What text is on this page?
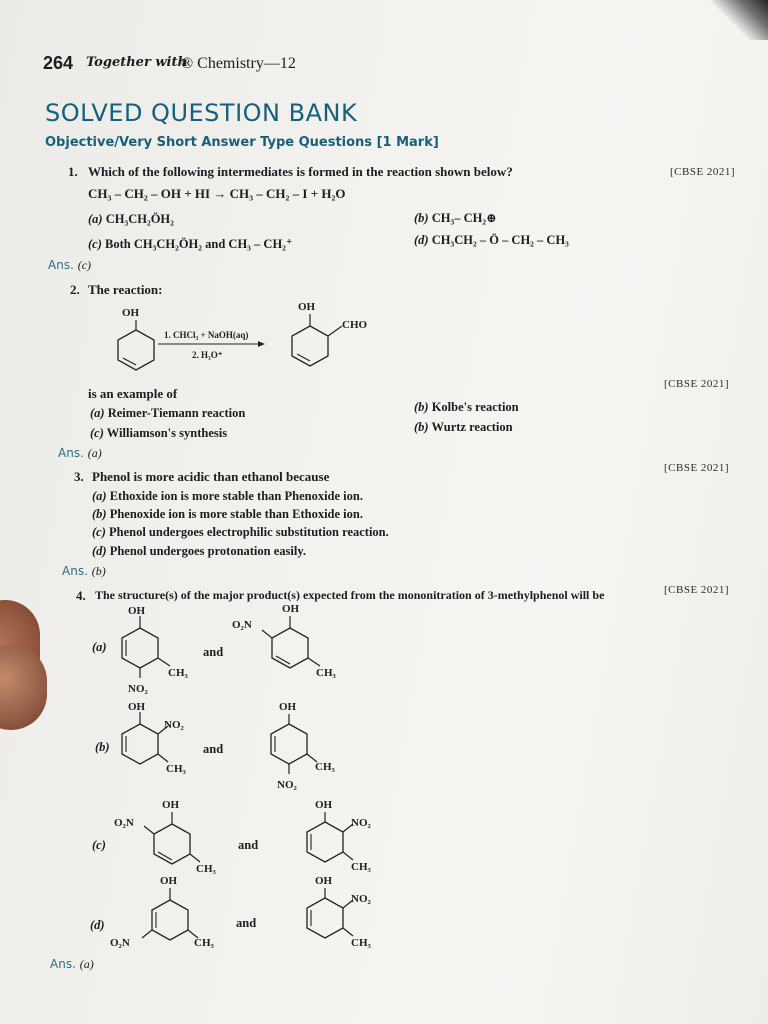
264 Together with
® Chemistry—12
SOLVED QUESTION BANK
Objective/Very Short Answer Type Questions [1 Mark]
1. Which of the following intermediates is formed in the reaction shown below?	[CBSE 2021]
CH₃ – CH₂ – OH + HI → CH₃ – CH₂ – I + H₂O
(a) CH₃CH₂ÖH₂	(b) CH₃– CH₂⊕
(c) Both CH₃CH₂ÖH₂ and CH₃ – CH₂⁺	(d) CH₃CH₂ – Ö – CH₂ – CH₃
Ans. (c)
2. The reaction:
OH
1. CHCl₃ + NaOH(aq)
2. H₃O⁺
OH
CHO
is an example of
[CBSE 2021]
(a) Reimer-Tiemann reaction	(b) Kolbe's reaction
(c) Williamson's synthesis	(b) Wurtz reaction
Ans. (a)
3. Phenol is more acidic than ethanol because
[CBSE 2021]
(a) Ethoxide ion is more stable than Phenoxide ion.
(b) Phenoxide ion is more stable than Ethoxide ion.
(c) Phenol undergoes electrophilic substitution reaction.
(d) Phenol undergoes protonation easily.
Ans. (b)
4. The structure(s) of the major product(s) expected from the mononitration of 3-methylphenol will be	[CBSE 2021]
(a)
OH
CH₃
NO₂
and
OH
O₂N
CH₃
(b)
OH
NO₂
CH₃
and
OH
CH₃
NO₂
(c)
OH
O₂N
CH₃
and
OH
NO₂
CH₃
(d)
OH
O₂N	CH₃
and
OH
NO₂
CH₃
Ans. (a)
